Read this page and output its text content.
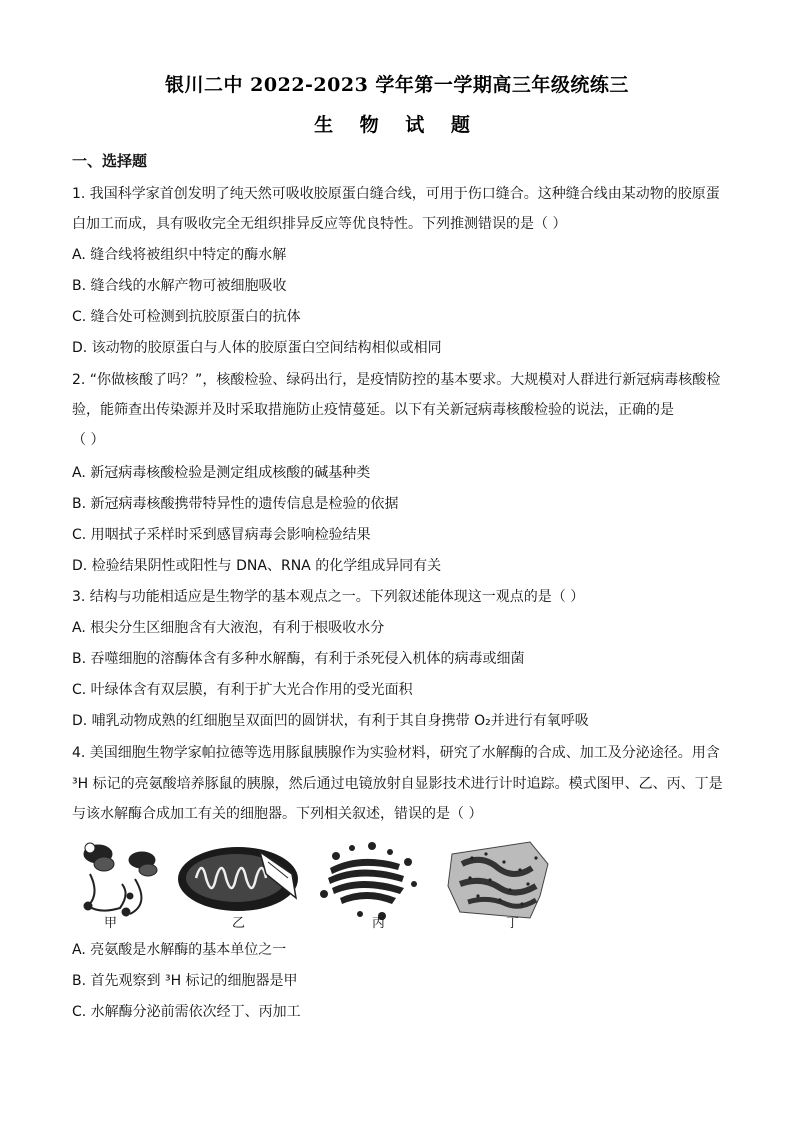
银川二中 2022-2023 学年第一学期高三年级统练三
生 物 试 题
一、选择题
1. 我国科学家首创发明了纯天然可吸收胶原蛋白缝合线，可用于伤口缝合。这种缝合线由某动物的胶原蛋
白加工而成，具有吸收完全无组织排异反应等优良特性。下列推测错误的是（ ）
A. 缝合线将被组织中特定的酶水解
B. 缝合线的水解产物可被细胞吸收
C. 缝合处可检测到抗胶原蛋白的抗体
D. 该动物的胶原蛋白与人体的胶原蛋白空间结构相似或相同
2. “你做核酸了吗？”，核酸检验、绿码出行，是疫情防控的基本要求。大规模对人群进行新冠病毒核酸检
验，能筛查出传染源并及时采取措施防止疫情蔓延。以下有关新冠病毒核酸检验的说法，正确的是
（ ）
A. 新冠病毒核酸检验是测定组成核酸的碱基种类
B. 新冠病毒核酸携带特异性的遗传信息是检验的依据
C. 用咽拭子采样时采到感冒病毒会影响检验结果
D. 检验结果阴性或阳性与 DNA、RNA 的化学组成异同有关
3. 结构与功能相适应是生物学的基本观点之一。下列叙述能体现这一观点的是（ ）
A. 根尖分生区细胞含有大液泡，有利于根吸收水分
B. 吞噬细胞的溶酶体含有多种水解酶，有利于杀死侵入机体的病毒或细菌
C. 叶绿体含有双层膜，有利于扩大光合作用的受光面积
D. 哺乳动物成熟的红细胞呈双面凹的圆饼状，有利于其自身携带 O₂并进行有氧呼吸
4. 美国细胞生物学家帕拉德等选用豚鼠胰腺作为实验材料，研究了水解酶的合成、加工及分泌途径。用含
³H 标记的亮氨酸培养豚鼠的胰腺，然后通过电镜放射自显影技术进行计时追踪。模式图甲、乙、丙、丁是
与该水解酶合成加工有关的细胞器。下列相关叙述，错误的是（ ）
甲	乙	丙	丁
A. 亮氨酸是水解酶的基本单位之一
B. 首先观察到 ³H 标记的细胞器是甲
C. 水解酶分泌前需依次经丁、丙加工
